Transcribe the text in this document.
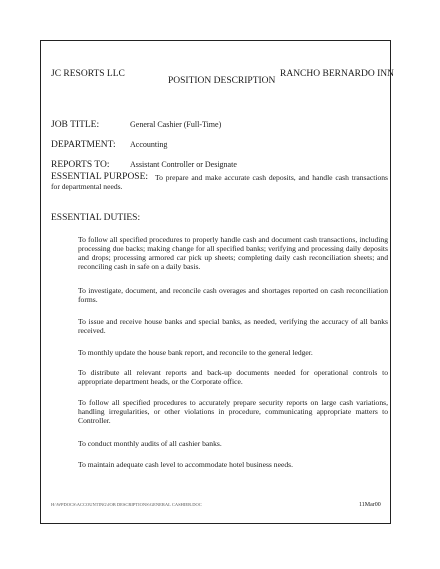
JC RESORTS LLC
POSITION DESCRIPTION
RANCHO BERNARDO INN
JOB TITLE:	General Cashier (Full-Time)
DEPARTMENT: Accounting
REPORTS TO:	Assistant Controller or Designate
ESSENTIAL PURPOSE: To prepare and make accurate cash deposits, and handle cash transactions for departmental needs.
ESSENTIAL DUTIES:
To follow all specified procedures to properly handle cash and document cash transactions, including processing due backs; making change for all specified banks; verifying and processing daily deposits and drops; processing armored car pick up sheets; completing daily cash reconciliation sheets; and reconciling cash in safe on a daily basis.
To investigate, document, and reconcile cash overages and shortages reported on cash reconciliation forms.
To issue and receive house banks and special banks, as needed, verifying the accuracy of all banks received.
To monthly update the house bank report, and reconcile to the general ledger.
To distribute all relevant reports and back-up documents needed for operational controls to appropriate department heads, or the Corporate office.
To follow all specified procedures to accurately prepare security reports on large cash variations, handling irregularities, or other violations in procedure, communicating appropriate matters to Controller.
To conduct monthly audits of all cashier banks.
To maintain adequate cash level to accommodate hotel business needs.
H:\WPDOCS\ACCOUNTING\JOB DESCRIPTIONS\GENERAL CASHIER.DOC	11Mar00
